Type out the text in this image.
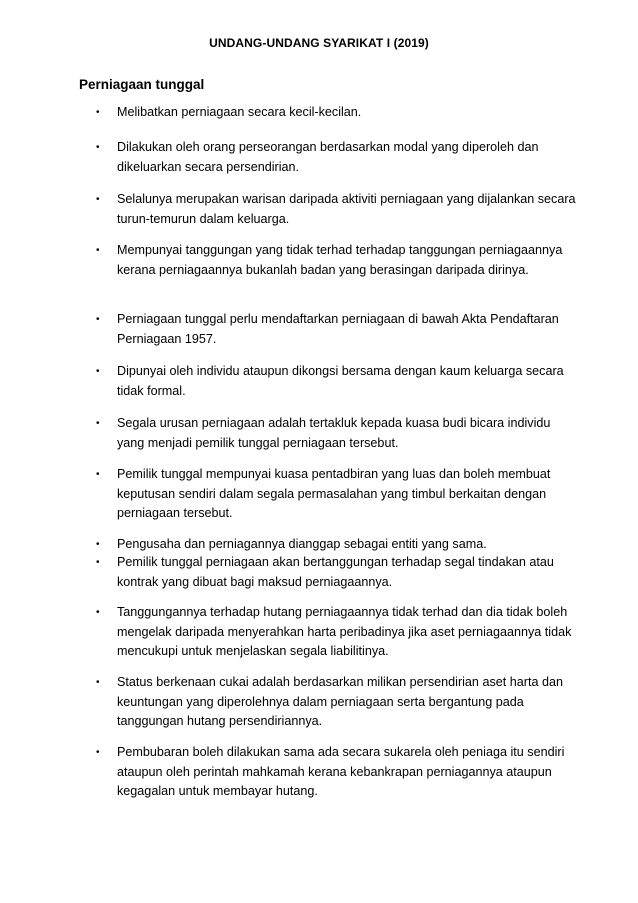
UNDANG-UNDANG SYARIKAT I (2019)
Perniagaan tunggal
•	Melibatkan perniagaan secara kecil-kecilan.
•	Dilakukan oleh orang perseorangan berdasarkan modal yang diperoleh dan dikeluarkan secara persendirian.
•	Selalunya merupakan warisan daripada aktiviti perniagaan yang dijalankan secara turun-temurun dalam keluarga.
•	Mempunyai tanggungan yang tidak terhad terhadap tanggungan perniagaannya kerana perniagaannya bukanlah badan yang berasingan daripada dirinya.
•	Perniagaan tunggal perlu mendaftarkan perniagaan di bawah Akta Pendaftaran Perniagaan 1957.
•	Dipunyai oleh individu ataupun dikongsi bersama dengan kaum keluarga secara tidak formal.
•	Segala urusan perniagaan adalah tertakluk kepada kuasa budi bicara individu yang menjadi pemilik tunggal perniagaan tersebut.
•	Pemilik tunggal mempunyai kuasa pentadbiran yang luas dan boleh membuat keputusan sendiri dalam segala permasalahan yang timbul berkaitan dengan perniagaan tersebut.
•	Pengusaha dan perniagannya dianggap sebagai entiti yang sama.
•	Pemilik tunggal perniagaan akan bertanggungan terhadap segal tindakan atau kontrak yang dibuat bagi maksud perniagaannya.
•	Tanggungannya terhadap hutang perniagaannya tidak terhad dan dia tidak boleh mengelak daripada menyerahkan harta peribadinya jika aset perniagaannya tidak mencukupi untuk menjelaskan segala liabilitinya.
•	Status berkenaan cukai adalah berdasarkan milikan persendirian aset harta dan keuntungan yang diperolehnya dalam perniagaan serta bergantung pada tanggungan hutang persendiriannya.
•	Pembubaran boleh dilakukan sama ada secara sukarela oleh peniaga itu sendiri ataupun oleh perintah mahkamah kerana kebankrapan perniagannya ataupun kegagalan untuk membayar hutang.
